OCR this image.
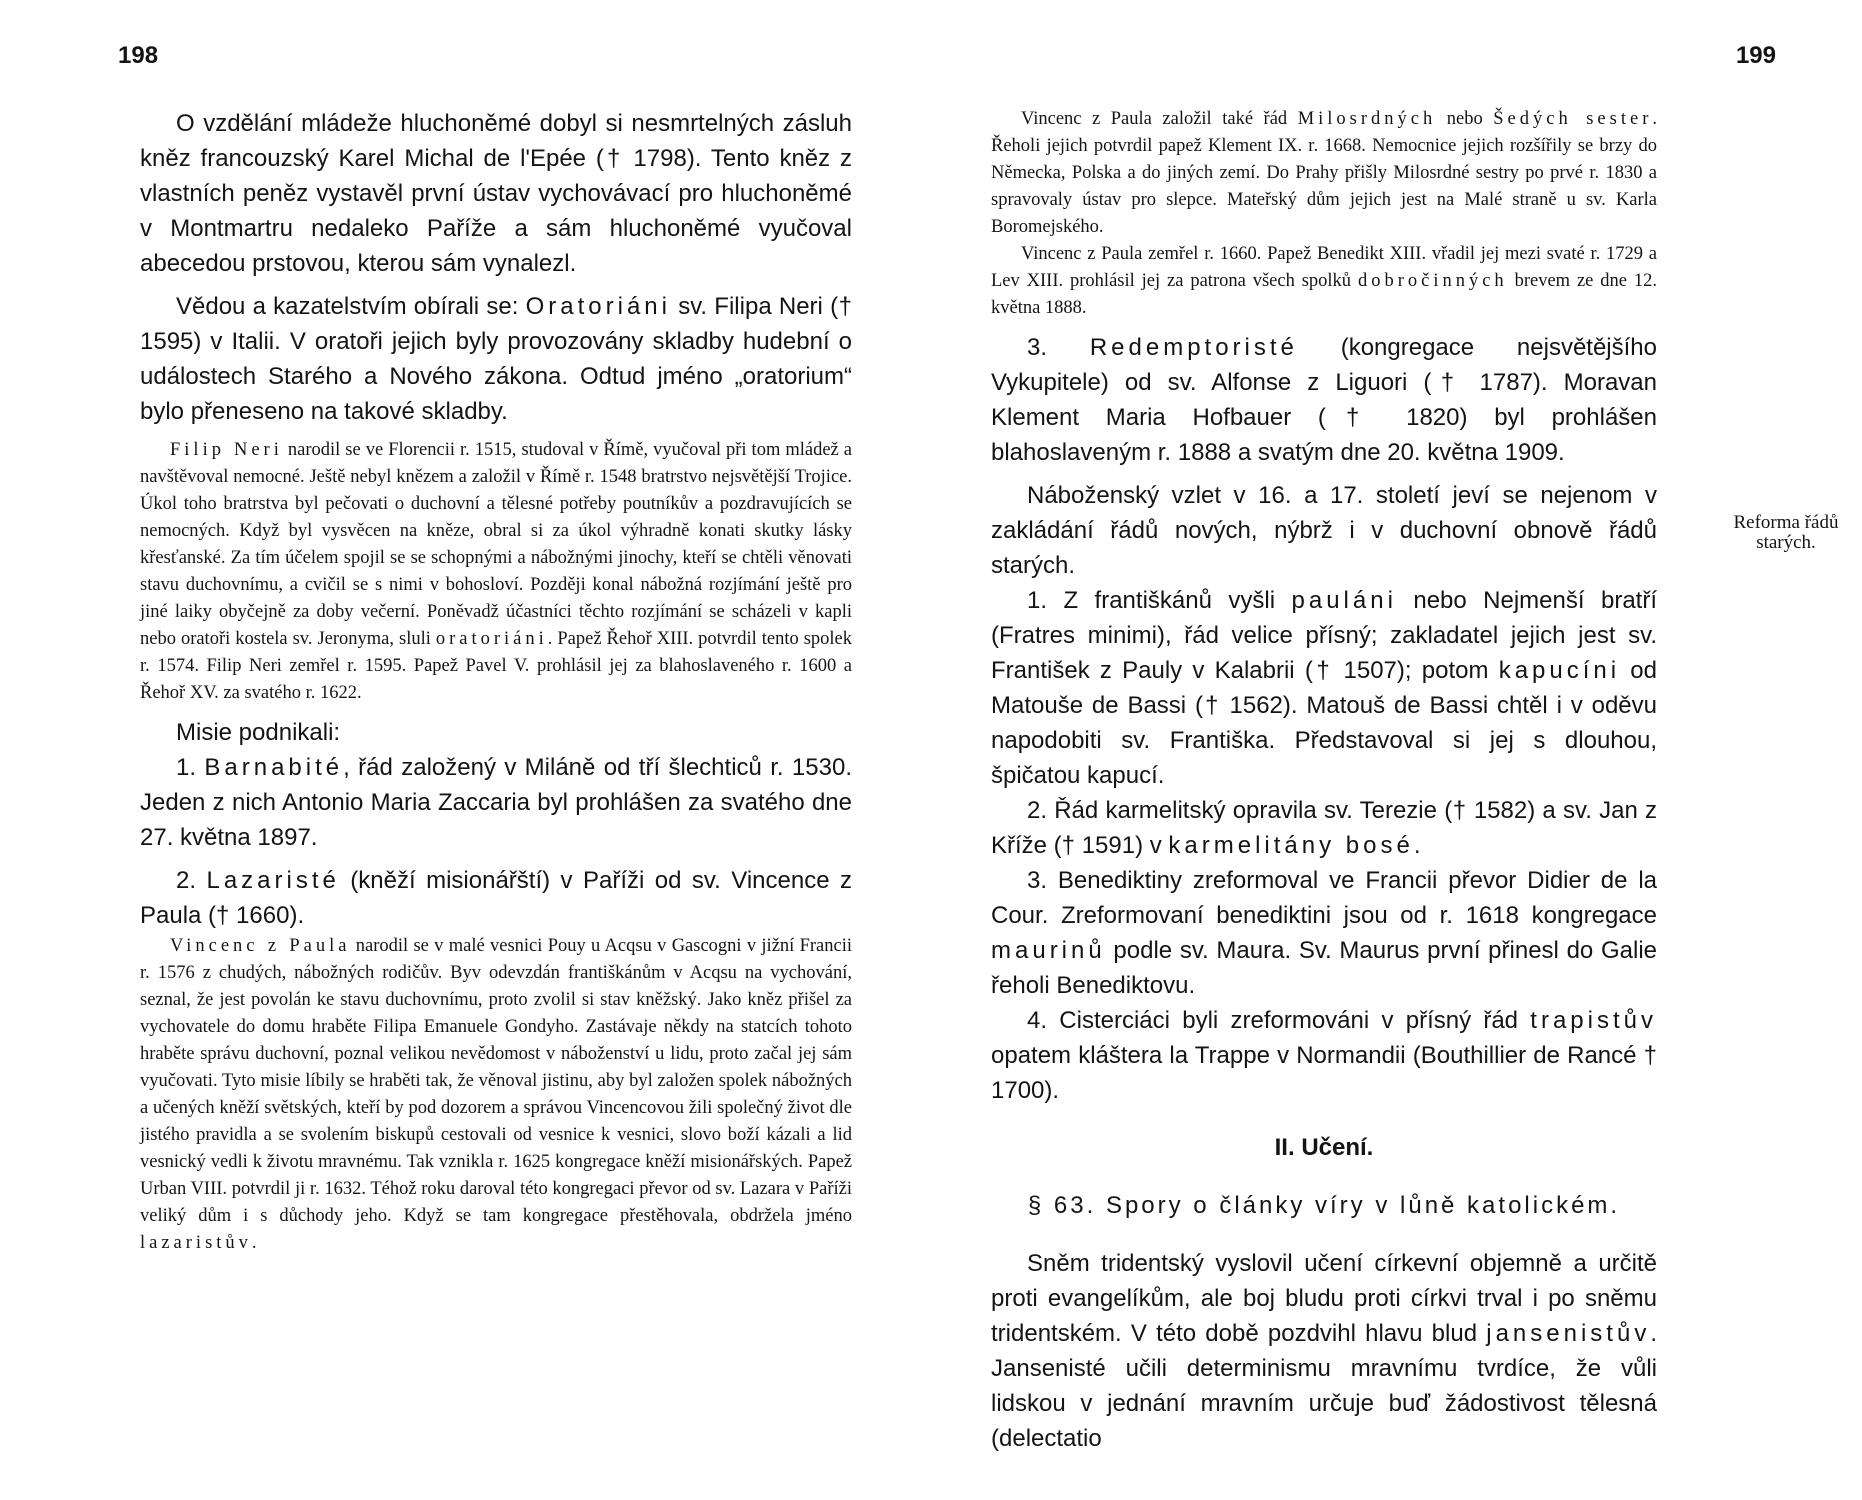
198

O vzdělání mládeže hluchoněmé dobyl si nesmrtelných zásluh kněz francouzský Karel Michal de l'Epée († 1798). Tento kněz z vlastních peněz vystavěl první ústav vychovávací pro hluchoněmé v Montmartru nedaleko Paříže a sám hluchoněmé vyučoval abecedou prstovou, kterou sám vynalezl.

Vědou a kazatelstvím obírali se: Oratoriáni sv. Filipa Neri († 1595) v Italii. V oratoři jejich byly provozovány skladby hudební o událostech Starého a Nového zákona. Odtud jméno „oratorium“ bylo přeneseno na takové skladby.

Filip Neri narodil se ve Florencii r. 1515, studoval v Římě, vyučoval při tom mládež a navštěvoval nemocné. Ještě nebyl knězem a založil v Římě r. 1548 bratrstvo nejsvětější Trojice. Úkol toho bratrstva byl pečovati o duchovní a tělesné potřeby poutníkův a pozdravujících se nemocných. Když byl vysvěcen na kněze, obral si za úkol výhradně konati skutky lásky křesťanské. Za tím účelem spojil se se schopnými a nábožnými jinochy, kteří se chtěli věnovati stavu duchovnímu, a cvičil se s nimi v bohosloví. Později konal nábožná rozjímání ještě pro jiné laiky obyčejně za doby večerní. Poněvadž účastníci těchto rozjímání se scházeli v kapli nebo oratoři kostela sv. Jeronyma, sluli oratoriáni. Papež Řehoř XIII. potvrdil tento spolek r. 1574. Filip Neri zemřel r. 1595. Papež Pavel V. prohlásil jej za blahoslaveného r. 1600 a Řehoř XV. za svatého r. 1622.

Misie podnikali:

1. Barnabité, řád založený v Miláně od tří šlechticů r. 1530. Jeden z nich Antonio Maria Zaccaria byl prohlášen za svatého dne 27. května 1897.

2. Lazaristé (kněží misionářští) v Paříži od sv. Vincence z Paula († 1660).

Vincenc z Paula narodil se v malé vesnici Pouy u Acqsu v Gascogni v jižní Francii r. 1576 z chudých, nábožných rodičův. Byv odevzdán františkánům v Acqsu na vychování, seznal, že jest povolán ke stavu duchovnímu, proto zvolil si stav kněžský. Jako kněz přišel za vychovatele do domu hraběte Filipa Emanuele Gondyho. Zastávaje někdy na statcích tohoto hraběte správu duchovní, poznal velikou nevědomost v náboženství u lidu, proto začal jej sám vyučovati. Tyto misie líbily se hraběti tak, že věnoval jistinu, aby byl založen spolek nábožných a učených kněží světských, kteří by pod dozorem a správou Vincencovou žili společný život dle jistého pravidla a se svolením biskupů cestovali od vesnice k vesnici, slovo boží kázali a lid vesnický vedli k životu mravnému. Tak vznikla r. 1625 kongregace kněží misionářských. Papež Urban VIII. potvrdil ji r. 1632. Téhož roku daroval této kongregaci převor od sv. Lazara v Paříži veliký dům i s důchody jeho. Když se tam kongregace přestěhovala, obdržela jméno lazaristův.

199
Reforma řádů starých.

Vincenc z Paula založil také řád Milosrdných nebo Šedých sester. Řeholi jejich potvrdil papež Klement IX. r. 1668. Nemocnice jejich rozšířily se brzy do Německa, Polska a do jiných zemí. Do Prahy přišly Milosrdné sestry po prvé r. 1830 a spravovaly ústav pro slepce. Mateřský dům jejich jest na Malé straně u sv. Karla Boromejského.

Vincenc z Paula zemřel r. 1660. Papež Benedikt XIII. vřadil jej mezi svaté r. 1729 a Lev XIII. prohlásil jej za patrona všech spolků dobročinných brevem ze dne 12. května 1888.

3. Redemptoristé (kongregace nejsvětějšího Vykupitele) od sv. Alfonse z Liguori († 1787). Moravan Klement Maria Hofbauer († 1820) byl prohlášen blahoslaveným r. 1888 a svatým dne 20. května 1909.

Náboženský vzlet v 16. a 17. století jeví se nejenom v zakládání řádů nových, nýbrž i v duchovní obnově řádů starých.

1. Z františkánů vyšli pauláni nebo Nejmenší bratří (Fratres minimi), řád velice přísný; zakladatel jejich jest sv. František z Pauly v Kalabrii († 1507); potom kapucíni od Matouše de Bassi († 1562). Matouš de Bassi chtěl i v oděvu napodobiti sv. Františka. Představoval si jej s dlouhou, špičatou kapucí.

2. Řád karmelitský opravila sv. Terezie († 1582) a sv. Jan z Kříže († 1591) v karmelitány bosé.

3. Benediktiny zreformoval ve Francii převor Didier de la Cour. Zreformovaní benediktini jsou od r. 1618 kongregace maurinů podle sv. Maura. Sv. Maurus první přinesl do Galie řeholi Benediktovu.

4. Cisterciáci byli zreformováni v přísný řád trapistův opatem kláštera la Trappe v Normandii (Bouthillier de Rancé † 1700).

II. Učení.
§ 63. Spory o články víry v lůně katolickém.

Sněm tridentský vyslovil učení církevní objemně a určitě proti evangelíkům, ale boj bludu proti církvi trval i po sněmu tridentském. V této době pozdvihl hlavu blud jansenistův. Jansenisté učili determinismu mravnímu tvrdíce, že vůli lidskou v jednání mravním určuje buď žádostivost tělesná (delectatio
